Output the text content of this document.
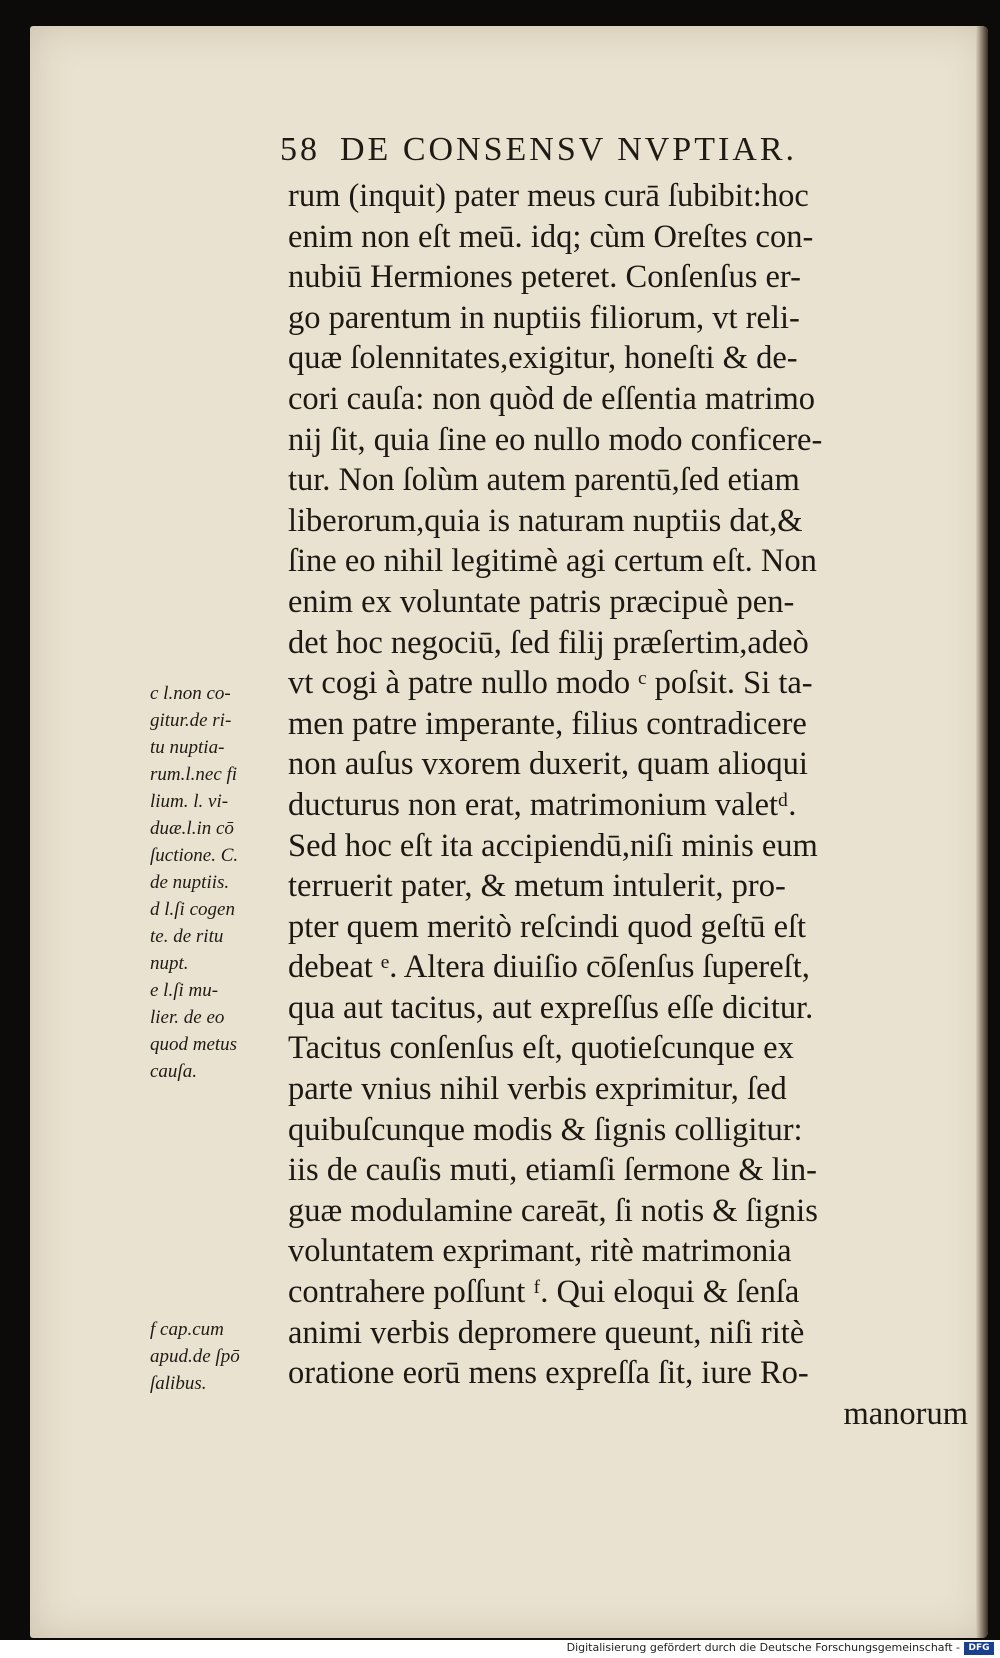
58 DE CONSENSV NVPTIAR.
rum (inquit) pater meus curā ſubibit:hoc
enim non eſt meū. idq; cùm Oreſtes con-
nubiū Hermiones peteret. Conſenſus er-
go parentum in nuptiis filiorum, vt reli-
quæ ſolennitates,exigitur, honeſti & de-
cori cauſa: non quòd de eſſentia matrimo
nij ſit, quia ſine eo nullo modo conficere-
tur. Non ſolùm autem parentū,ſed etiam
liberorum,quia is naturam nuptiis dat,&
ſine eo nihil legitimè agi certum eſt. Non
enim ex voluntate patris præcipuè pen-
det hoc negociū, ſed filij præſertim,adeò
vt cogi à patre nullo modo ᶜ poſsit. Si ta-
men patre imperante, filius contradicere
non auſus vxorem duxerit, quam alioqui
ducturus non erat, matrimonium valetᵈ.
Sed hoc eſt ita accipiendū,niſi minis eum
terruerit pater, & metum intulerit, pro-
pter quem meritò reſcindi quod geſtū eſt
debeat ᵉ. Altera diuiſio cōſenſus ſupereſt,
qua aut tacitus, aut expreſſus eſſe dicitur.
Tacitus conſenſus eſt, quotieſcunque ex
parte vnius nihil verbis exprimitur, ſed
quibuſcunque modis & ſignis colligitur:
iis de cauſis muti, etiamſi ſermone & lin-
guæ modulamine careāt, ſi notis & ſignis
voluntatem exprimant, ritè matrimonia
contrahere poſſunt ᶠ. Qui eloqui & ſenſa
animi verbis depromere queunt, niſi ritè
oratione eorū mens expreſſa ſit, iure Ro-
manorum
c l.non co-
gitur.de ri-
tu nuptia-
rum.l.nec fi
lium. l. vi-
duæ.l.in cō
ſuctione. C.
de nuptiis.
d l.ſi cogen
te. de ritu
nupt.
e l.ſi mu-
lier. de eo
quod metus
cauſa.
f cap.cum
apud.de ſpō
ſalibus.
Digitalisierung gefördert durch die Deutsche Forschungsgemeinschaft - DFG
